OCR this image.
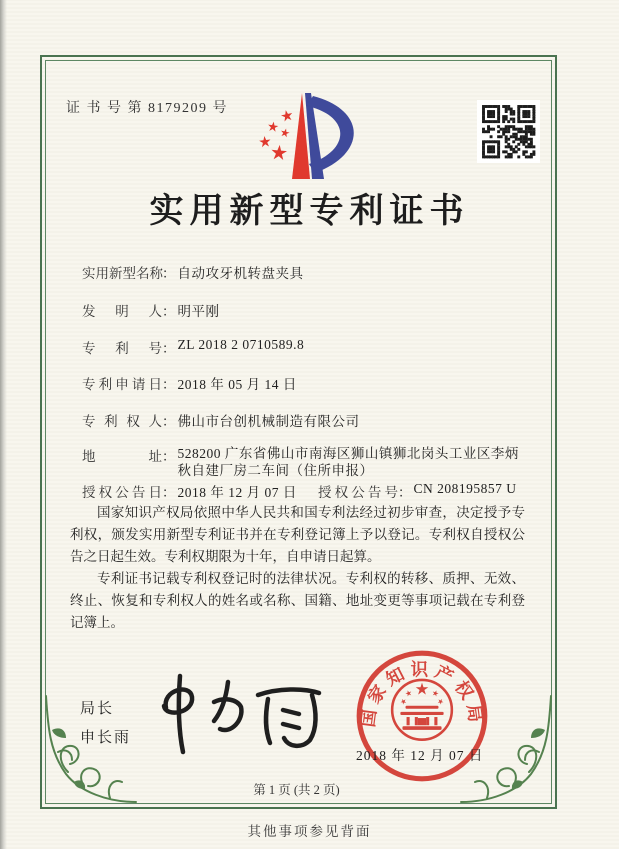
证 书 号 第 8179209 号
实用新型专利证书
实用新型名称 ： 自动攻牙机转盘夹具
发明人 ： 明平刚
专利号 ： ZL 2018 2 0710589.8
专利申请日 ： 2018 年 05 月 14 日
专利权人 ： 佛山市台创机械制造有限公司
地址 ： 528200 广东省佛山市南海区狮山镇狮北岗头工业区李炳秋自建厂房二车间（住所申报）
授权公告日 ： 2018 年 12 月 07 日 授权公告号 ： CN 208195857 U

国家知识产权局依照中华人民共和国专利法经过初步审查，决定授予专利权，颁发实用新型专利证书并在专利登记簿上予以登记。专利权自授权公告之日起生效。专利权期限为十年，自申请日起算。

专利证书记载专利权登记时的法律状况。专利权的转移、质押、无效、终止、恢复和专利权人的姓名或名称、国籍、地址变更等事项记载在专利登记簿上。

局长
申长雨
国家知识产权局
2018 年 12 月 07 日
第 1 页 (共 2 页)
其他事项参见背面
